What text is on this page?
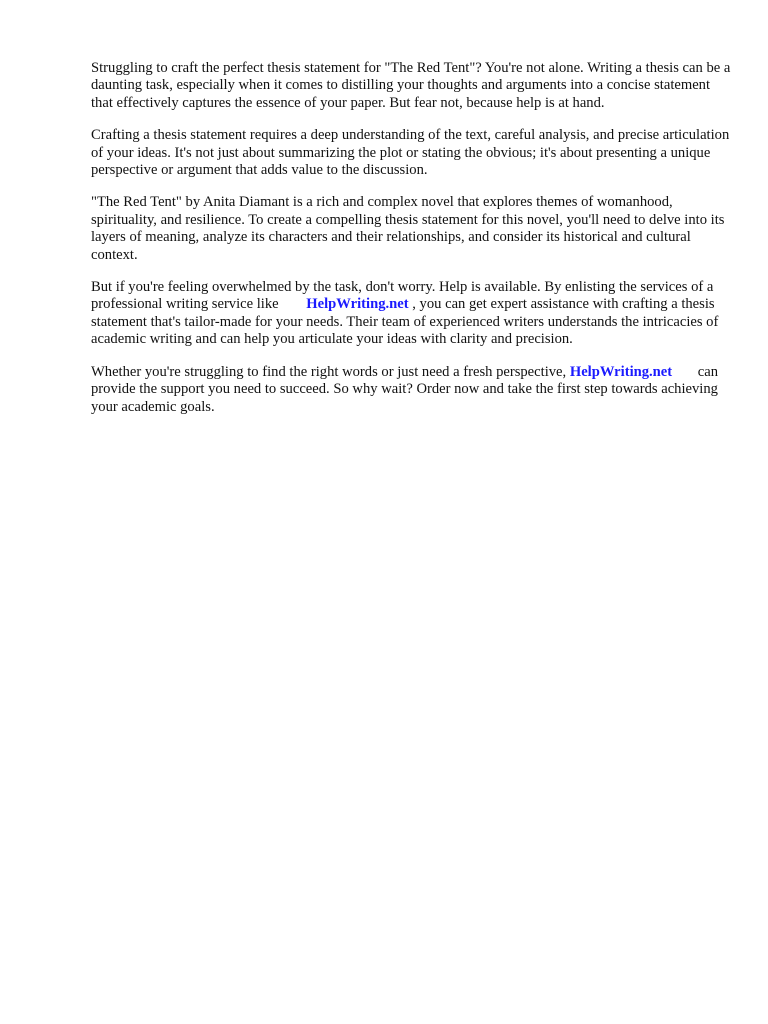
Struggling to craft the perfect thesis statement for "The Red Tent"? You're not alone. Writing a thesis can be a daunting task, especially when it comes to distilling your thoughts and arguments into a concise statement that effectively captures the essence of your paper. But fear not, because help is at hand.

Crafting a thesis statement requires a deep understanding of the text, careful analysis, and precise articulation of your ideas. It's not just about summarizing the plot or stating the obvious; it's about presenting a unique perspective or argument that adds value to the discussion.

"The Red Tent" by Anita Diamant is a rich and complex novel that explores themes of womanhood, spirituality, and resilience. To create a compelling thesis statement for this novel, you'll need to delve into its layers of meaning, analyze its characters and their relationships, and consider its historical and cultural context.

But if you're feeling overwhelmed by the task, don't worry. Help is available. By enlisting the services of a professional writing service like HelpWriting.net , you can get expert assistance with crafting a thesis statement that's tailor-made for your needs. Their team of experienced writers understands the intricacies of academic writing and can help you articulate your ideas with clarity and precision.

Whether you're struggling to find the right words or just need a fresh perspective, HelpWriting.net can provide the support you need to succeed. So why wait? Order now and take the first step towards achieving your academic goals.
